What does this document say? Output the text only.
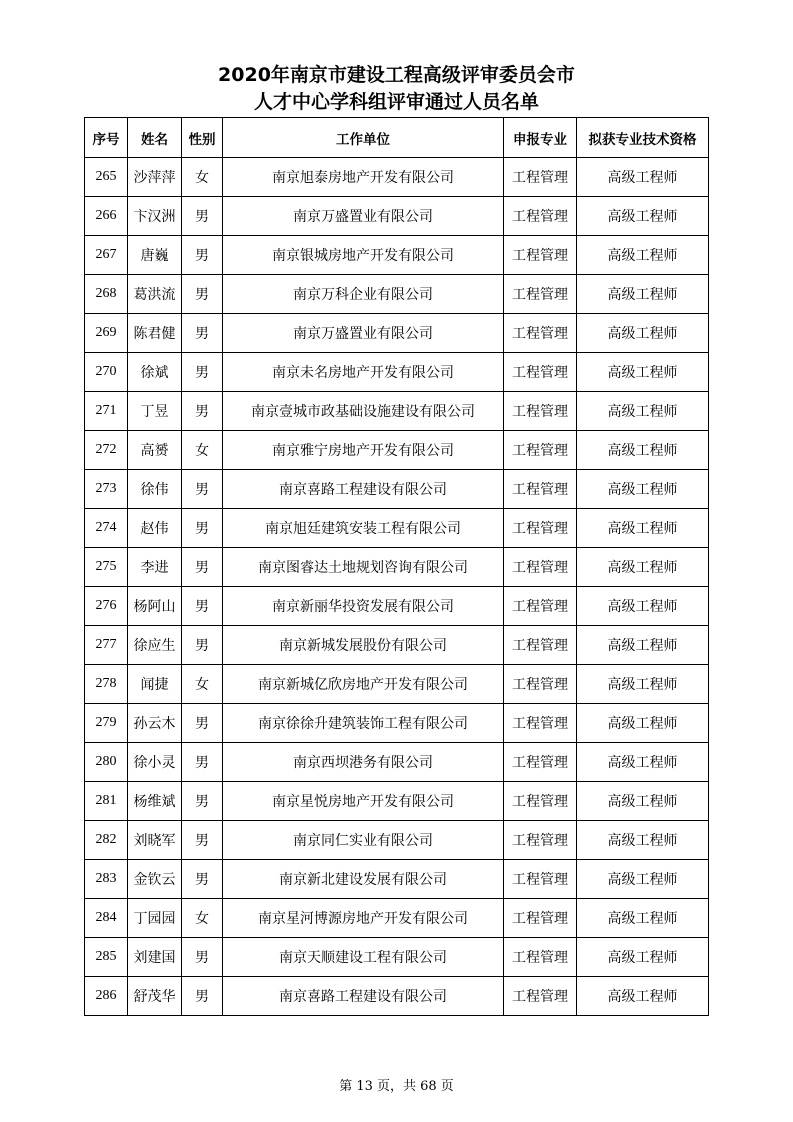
2020年南京市建设工程高级评审委员会市
人才中心学科组评审通过人员名单
序号	姓名	性别	工作单位	申报专业	拟获专业技术资格
265	沙萍萍	女	南京旭泰房地产开发有限公司	工程管理	高级工程师
266	卞汉洲	男	南京万盛置业有限公司	工程管理	高级工程师
267	唐巍	男	南京银城房地产开发有限公司	工程管理	高级工程师
268	葛洪流	男	南京万科企业有限公司	工程管理	高级工程师
269	陈君健	男	南京万盛置业有限公司	工程管理	高级工程师
270	徐斌	男	南京未名房地产开发有限公司	工程管理	高级工程师
271	丁昱	男	南京壹城市政基础设施建设有限公司	工程管理	高级工程师
272	高赟	女	南京雅宁房地产开发有限公司	工程管理	高级工程师
273	徐伟	男	南京喜路工程建设有限公司	工程管理	高级工程师
274	赵伟	男	南京旭廷建筑安装工程有限公司	工程管理	高级工程师
275	李进	男	南京图睿达土地规划咨询有限公司	工程管理	高级工程师
276	杨阿山	男	南京新丽华投资发展有限公司	工程管理	高级工程师
277	徐应生	男	南京新城发展股份有限公司	工程管理	高级工程师
278	闻捷	女	南京新城亿欣房地产开发有限公司	工程管理	高级工程师
279	孙云木	男	南京徐徐升建筑装饰工程有限公司	工程管理	高级工程师
280	徐小灵	男	南京西坝港务有限公司	工程管理	高级工程师
281	杨维斌	男	南京星悦房地产开发有限公司	工程管理	高级工程师
282	刘晓军	男	南京同仁实业有限公司	工程管理	高级工程师
283	金钦云	男	南京新北建设发展有限公司	工程管理	高级工程师
284	丁园园	女	南京星河博源房地产开发有限公司	工程管理	高级工程师
285	刘建国	男	南京天顺建设工程有限公司	工程管理	高级工程师
286	舒茂华	男	南京喜路工程建设有限公司	工程管理	高级工程师
第 13 页，共 68 页
